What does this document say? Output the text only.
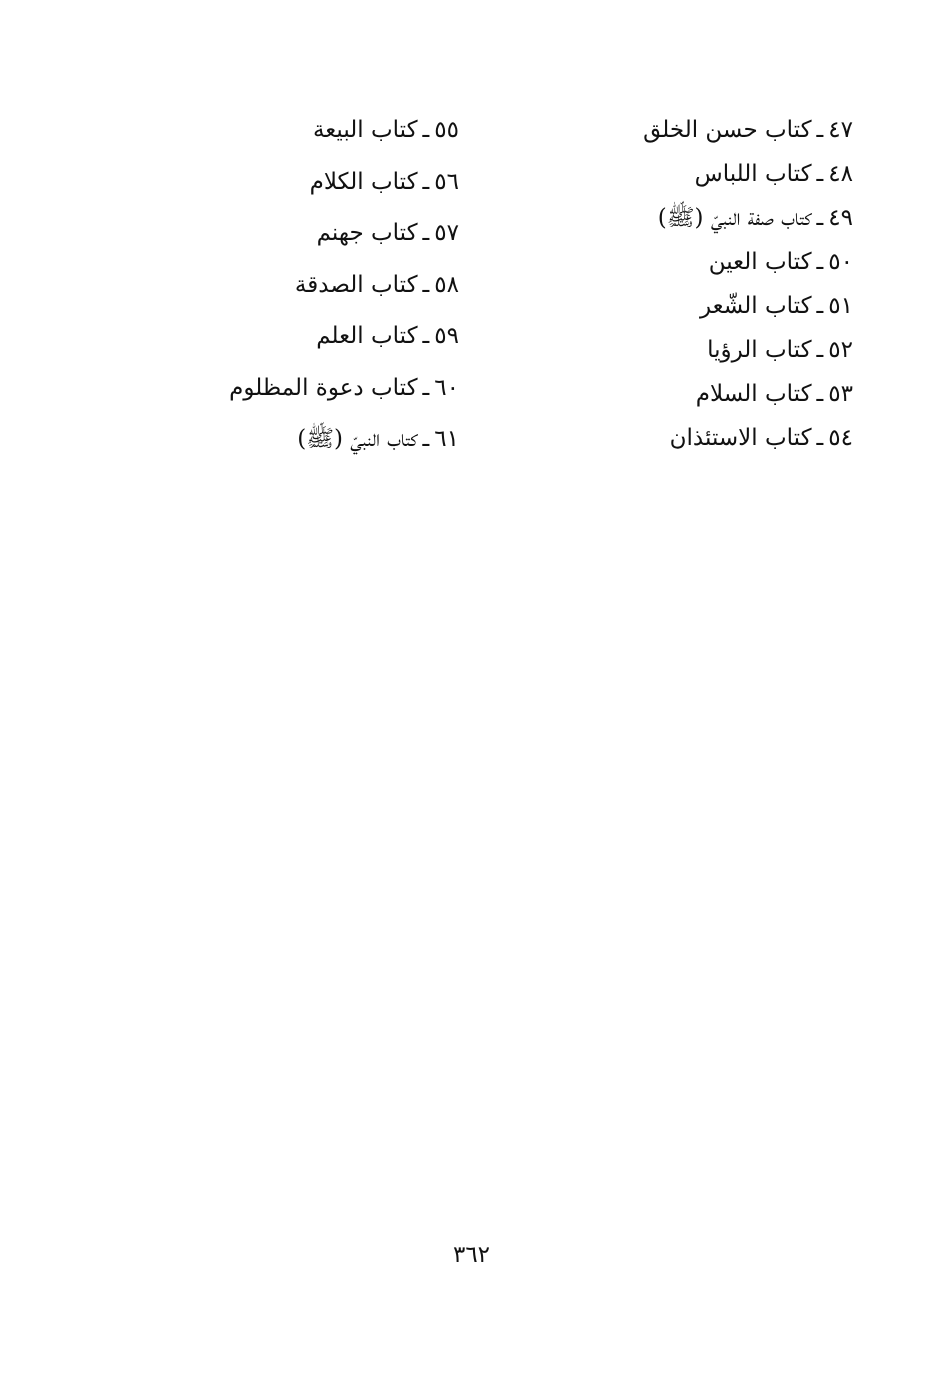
٤٧ـكتاب حسن الخلق
٤٨ـكتاب اللباس
٤٩ـكتاب صفة النبيّ (ﷺ)
٥٠ـكتاب العين
٥١ـكتاب الشّعر
٥٢ـكتاب الرؤيا
٥٣ـكتاب السلام
٥٤ـكتاب الاستئذان
٥٥ـكتاب البيعة
٥٦ـكتاب الكلام
٥٧ـكتاب جهنم
٥٨ـكتاب الصدقة
٥٩ـكتاب العلم
٦٠ـكتاب دعوة المظلوم
٦١ـكتاب النبيّ (ﷺ)
٣٦٢
